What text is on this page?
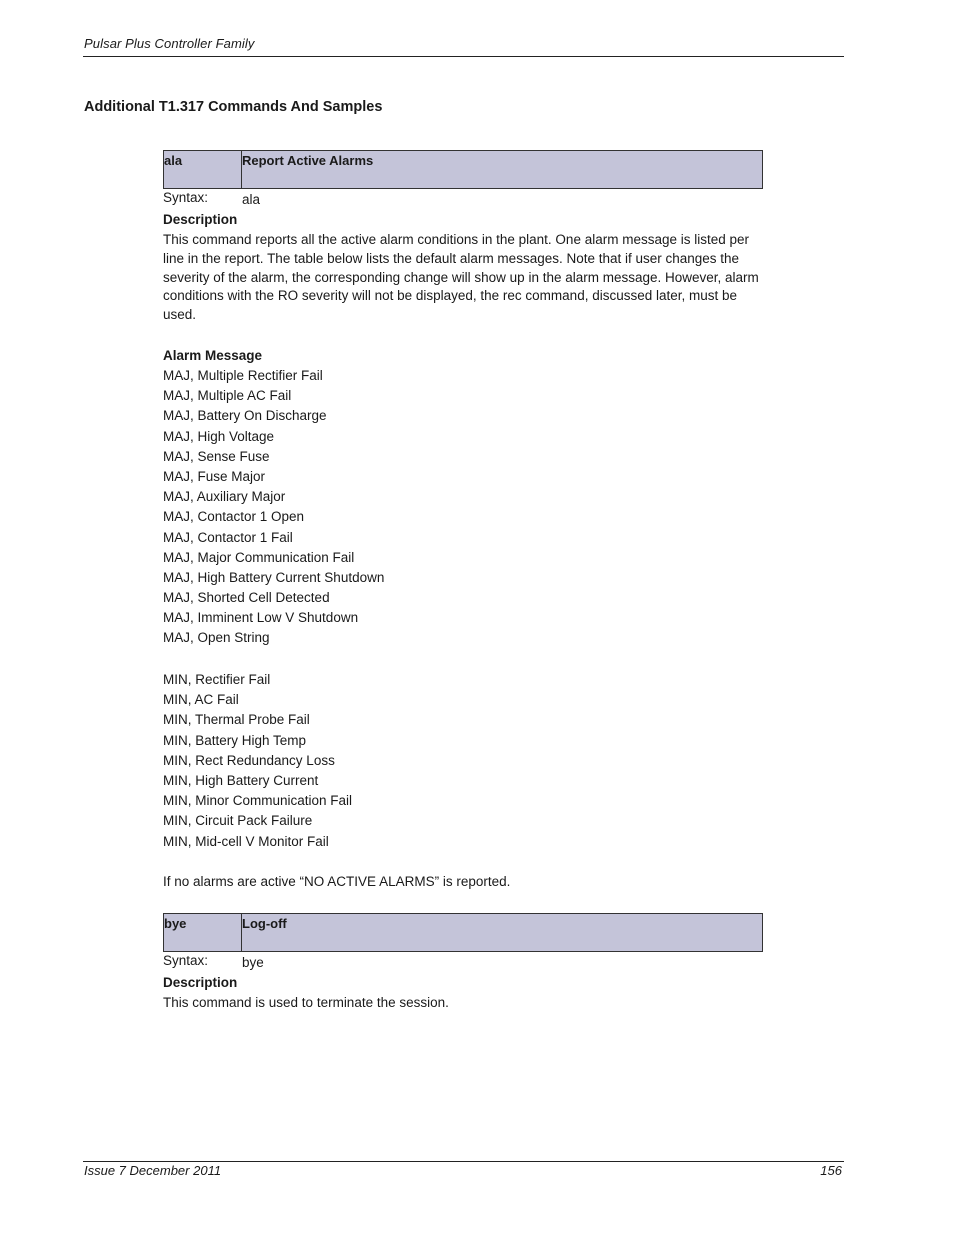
Pulsar Plus Controller Family
Additional T1.317 Commands And Samples
ala	Report Active Alarms
Syntax:	ala
Description
This command reports all the active alarm conditions in the plant. One alarm message is listed per line in the report. The table below lists the default alarm messages. Note that if user changes the severity of the alarm, the corresponding change will show up in the alarm message. However, alarm conditions with the RO severity will not be displayed, the rec command, discussed later, must be used.
Alarm Message
MAJ, Multiple Rectifier Fail
MAJ, Multiple AC Fail
MAJ, Battery On Discharge
MAJ, High Voltage
MAJ, Sense Fuse
MAJ, Fuse Major
MAJ, Auxiliary Major
MAJ, Contactor 1 Open
MAJ, Contactor 1 Fail
MAJ, Major Communication Fail
MAJ, High Battery Current Shutdown
MAJ, Shorted Cell Detected
MAJ, Imminent Low V Shutdown
MAJ, Open String
MIN, Rectifier Fail
MIN, AC Fail
MIN, Thermal Probe Fail
MIN, Battery High Temp
MIN, Rect Redundancy Loss
MIN, High Battery Current
MIN, Minor Communication Fail
MIN, Circuit Pack Failure
MIN, Mid-cell V Monitor Fail
If no alarms are active “NO ACTIVE ALARMS” is reported.
bye	Log-off
Syntax:	bye
Description
This command is used to terminate the session.
Issue 7 December 2011	156
